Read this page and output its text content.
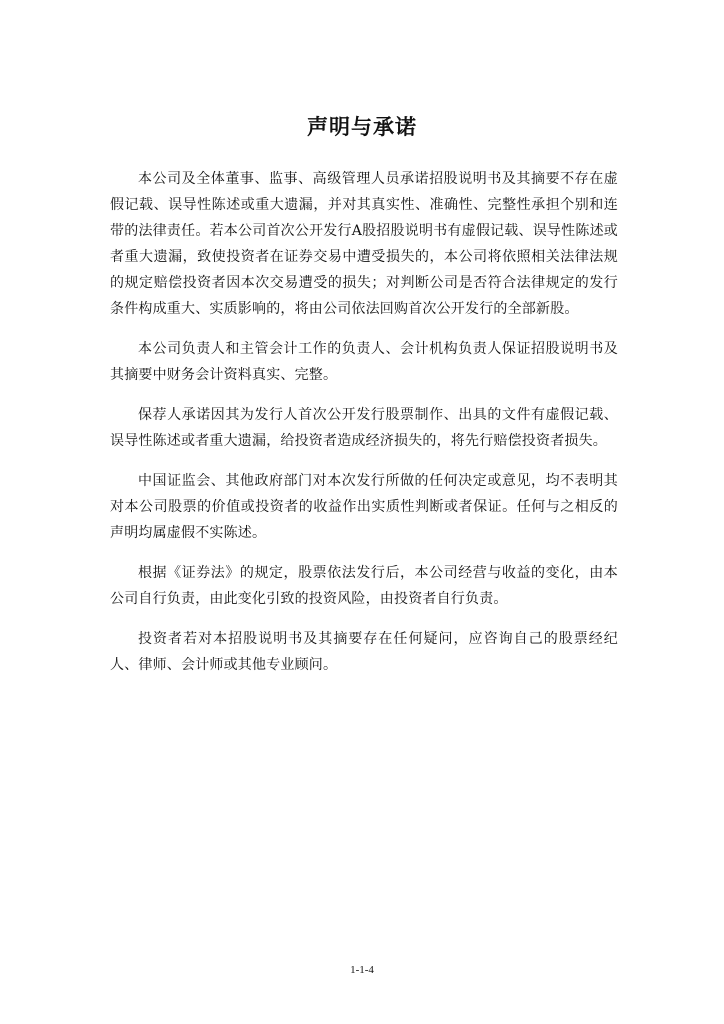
声明与承诺

本公司及全体董事、监事、高级管理人员承诺招股说明书及其摘要不存在虚假记载、误导性陈述或重大遗漏，并对其真实性、准确性、完整性承担个别和连带的法律责任。若本公司首次公开发行A股招股说明书有虚假记载、误导性陈述或者重大遗漏，致使投资者在证券交易中遭受损失的，本公司将依照相关法律法规的规定赔偿投资者因本次交易遭受的损失；对判断公司是否符合法律规定的发行条件构成重大、实质影响的，将由公司依法回购首次公开发行的全部新股。

本公司负责人和主管会计工作的负责人、会计机构负责人保证招股说明书及其摘要中财务会计资料真实、完整。

保荐人承诺因其为发行人首次公开发行股票制作、出具的文件有虚假记载、误导性陈述或者重大遗漏，给投资者造成经济损失的，将先行赔偿投资者损失。

中国证监会、其他政府部门对本次发行所做的任何决定或意见，均不表明其对本公司股票的价值或投资者的收益作出实质性判断或者保证。任何与之相反的声明均属虚假不实陈述。

根据《证券法》的规定，股票依法发行后，本公司经营与收益的变化，由本公司自行负责，由此变化引致的投资风险，由投资者自行负责。

投资者若对本招股说明书及其摘要存在任何疑问，应咨询自己的股票经纪人、律师、会计师或其他专业顾问。

1-1-4
